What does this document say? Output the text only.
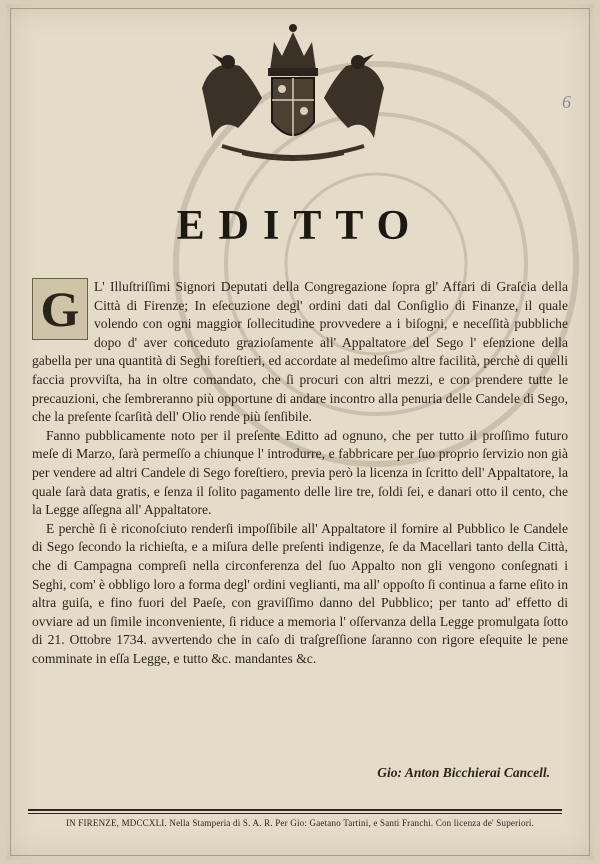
6
EDITTO

G	L' Illuſtriſſimi Signori Deputati della Congregazione ſopra gl' Affari di Graſcia della Città di Firenze; In eſecuzione degl' ordini dati dal Conſiglio di Finanze, il quale volendo con ogni maggior ſollecitudine provvedere a i biſogni, e neceſſità pubbliche dopo d' aver conceduto grazioſamente all' Appaltatore del Sego l' eſenzione della gabella per una quantità di Seghi foreſtieri, ed accordate al medeſimo altre facilità, perchè di quelli faccia provviſta, ha in oltre comandato, che ſi procuri con altri mezzi, e con prendere tutte le precauzioni, che ſembreranno più opportune di andare incontro alla penuria delle Candele di Sego, che la preſente ſcarſità dell' Olio rende più ſenſibile.

Fanno pubblicamente noto per il preſente Editto ad ognuno, che per tutto il proſſimo futuro meſe di Marzo, ſarà permeſſo a chiunque l' introdurre, e fabbricare per ſuo proprio ſervizio non già per vendere ad altri Candele di Sego foreſtiero, previa però la licenza in ſcritto dell' Appaltatore, la quale ſarà data gratis, e ſenza il ſolito pagamento delle lire tre, ſoldi ſei, e danari otto il cento, che la Legge aſſegna all' Appaltatore.

E perchè ſi è riconoſciuto renderſi impoſſibile all' Appaltatore il fornire al Pubblico le Candele di Sego ſecondo la richieſta, e a miſura delle preſenti indigenze, ſe da Macellari tanto della Città, che di Campagna compreſi nella circonferenza del ſuo Appalto non gli vengono conſegnati i Seghi, com' è obbligo loro a forma degl' ordini veglianti, ma all' oppoſto ſi continua a farne eſito in altra guiſa, e fino fuori del Paeſe, con graviſſimo danno del Pubblico; per tanto ad' effetto di ovviare ad un ſimile inconveniente, ſi riduce a memoria l' oſſervanza della Legge promulgata ſotto di 21. Ottobre 1734. avvertendo che in caſo di traſgreſſione ſaranno con rigore eſequite le pene comminate in eſſa Legge, e tutto &c. mandantes &c.

Gio: Anton Bicchierai Cancell.
IN FIRENZE, MDCCXLI. Nella Stamperia di S. A. R. Per Gio: Gaetano Tartini, e Santi Franchi. Con licenza de' Superiori.
